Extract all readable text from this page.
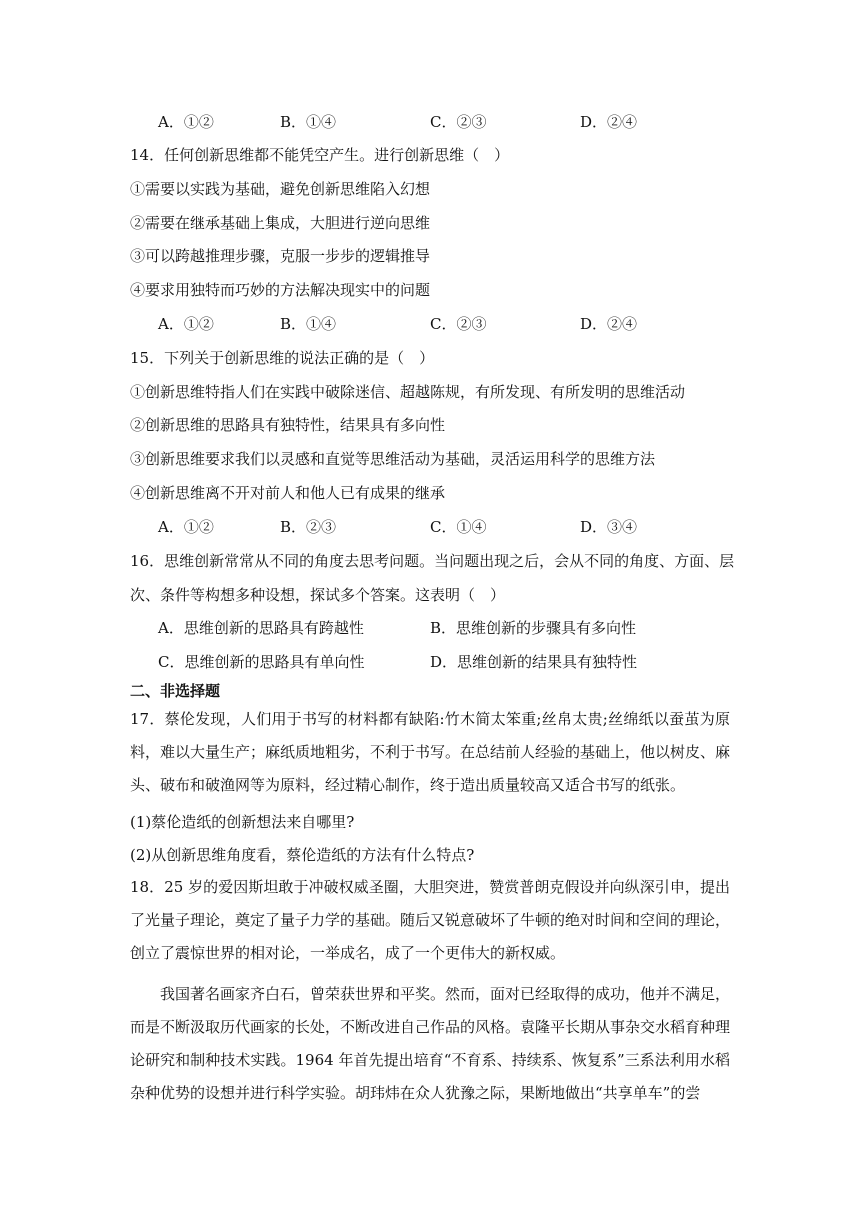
A．①②	B．①④	C．②③	D．②④
14．任何创新思维都不能凭空产生。进行创新思维（　）
①需要以实践为基础，避免创新思维陷入幻想
②需要在继承基础上集成，大胆进行逆向思维
③可以跨越推理步骤，克服一步步的逻辑推导
④要求用独特而巧妙的方法解决现实中的问题
A．①②	B．①④	C．②③	D．②④
15．下列关于创新思维的说法正确的是（　）
①创新思维特指人们在实践中破除迷信、超越陈规，有所发现、有所发明的思维活动
②创新思维的思路具有独特性，结果具有多向性
③创新思维要求我们以灵感和直觉等思维活动为基础，灵活运用科学的思维方法
④创新思维离不开对前人和他人已有成果的继承
A．①②	B．②③	C．①④	D．③④
16．思维创新常常从不同的角度去思考问题。当问题出现之后，会从不同的角度、方面、层
次、条件等构想多种设想，探试多个答案。这表明（　）
A．思维创新的思路具有跨越性	B．思维创新的步骤具有多向性
C．思维创新的思路具有单向性	D．思维创新的结果具有独特性
二、非选择题

17．蔡伦发现，人们用于书写的材料都有缺陷:竹木简太笨重;丝帛太贵;丝绵纸以蚕茧为原料，难以大量生产；麻纸质地粗劣，不利于书写。在总结前人经验的基础上，他以树皮、麻头、破布和破渔网等为原料，经过精心制作，终于造出质量较高又适合书写的纸张。

(1)蔡伦造纸的创新想法来自哪里?
(2)从创新思维角度看，蔡伦造纸的方法有什么特点?

18．25 岁的爱因斯坦敢于冲破权威圣圈，大胆突进，赞赏普朗克假设并向纵深引申，提出了光量子理论，奠定了量子力学的基础。随后又锐意破坏了牛顿的绝对时间和空间的理论，创立了震惊世界的相对论，一举成名，成了一个更伟大的新权威。

我国著名画家齐白石，曾荣获世界和平奖。然而，面对已经取得的成功，他并不满足，而是不断汲取历代画家的长处，不断改进自己作品的风格。袁隆平长期从事杂交水稻育种理论研究和制种技术实践。1964 年首先提出培育“不育系、持续系、恢复系”三系法利用水稻杂种优势的设想并进行科学实验。胡玮炜在众人犹豫之际，果断地做出“共享单车”的尝
